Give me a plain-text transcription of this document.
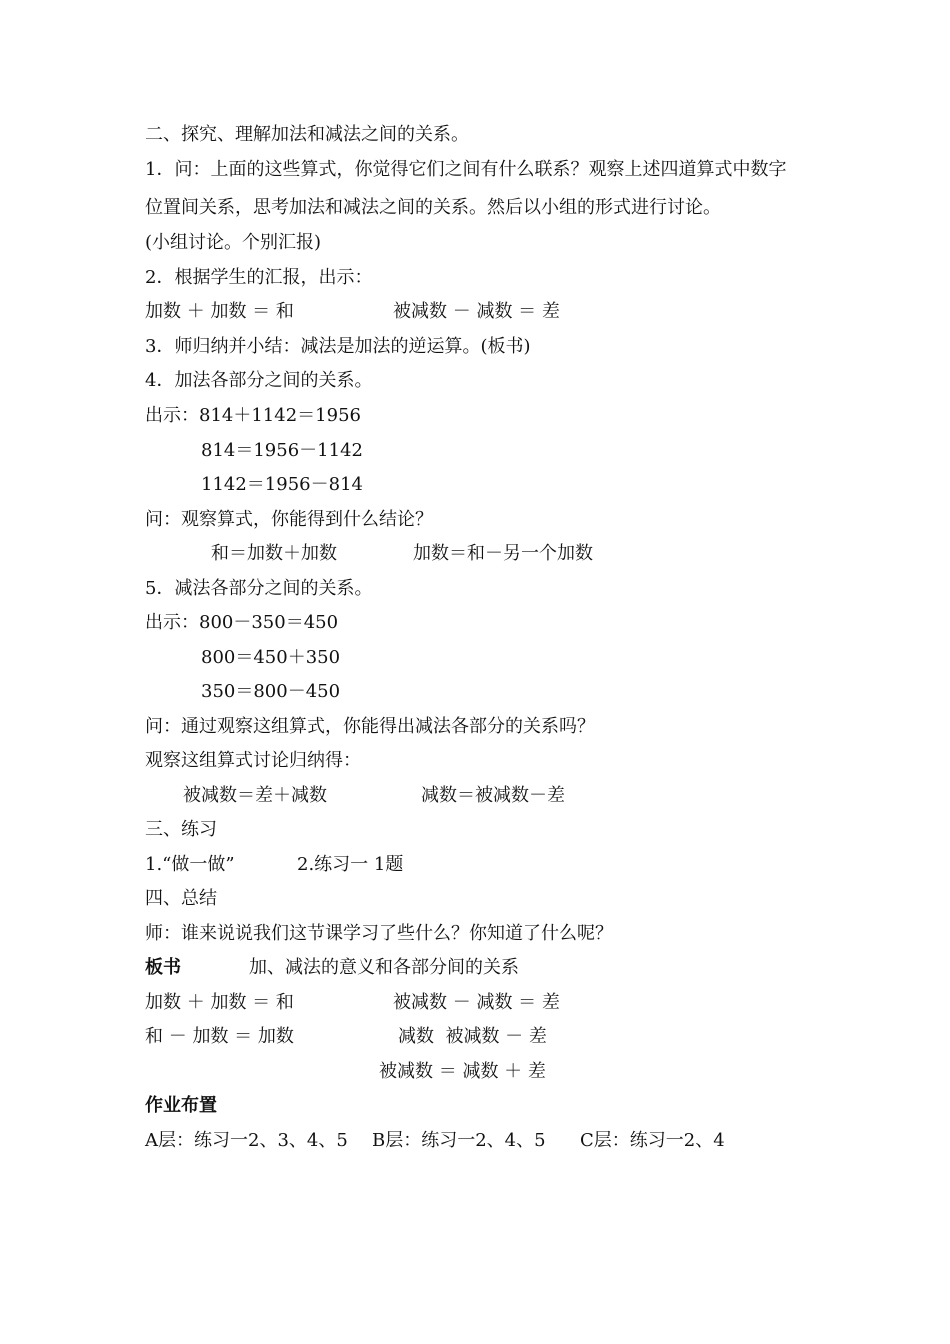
二、探究、理解加法和减法之间的关系。
1．问：上面的这些算式，你觉得它们之间有什么联系？观察上述四道算式中数字
位置间关系，思考加法和减法之间的关系。然后以小组的形式进行讨论。
(小组讨论。个别汇报)
2．根据学生的汇报，出示：
加数 ＋ 加数 ＝ 和	被减数 － 减数 ＝ 差
3．师归纳并小结：减法是加法的逆运算。(板书)
4．加法各部分之间的关系。
出示：814＋1142＝1956
814＝1956－1142
1142＝1956－814
问：观察算式，你能得到什么结论？
和＝加数＋加数	加数＝和－另一个加数
5．减法各部分之间的关系。
出示：800－350＝450
800＝450＋350
350＝800－450
问：通过观察这组算式，你能得出减法各部分的关系吗？
观察这组算式讨论归纳得：
被减数＝差＋减数	减数＝被减数－差
三、练习
1.“做一做”	2.练习一 1题
四、总结
师：谁来说说我们这节课学习了些什么？你知道了什么呢？
板书	加、减法的意义和各部分间的关系
加数 ＋ 加数 ＝ 和	被减数 － 减数 ＝ 差
和 － 加数 ＝ 加数	减数  被减数 － 差
被减数 ＝ 减数 ＋ 差
作业布置
A层：练习一2、3、4、5 B层：练习一2、4、5 C层：练习一2、4
